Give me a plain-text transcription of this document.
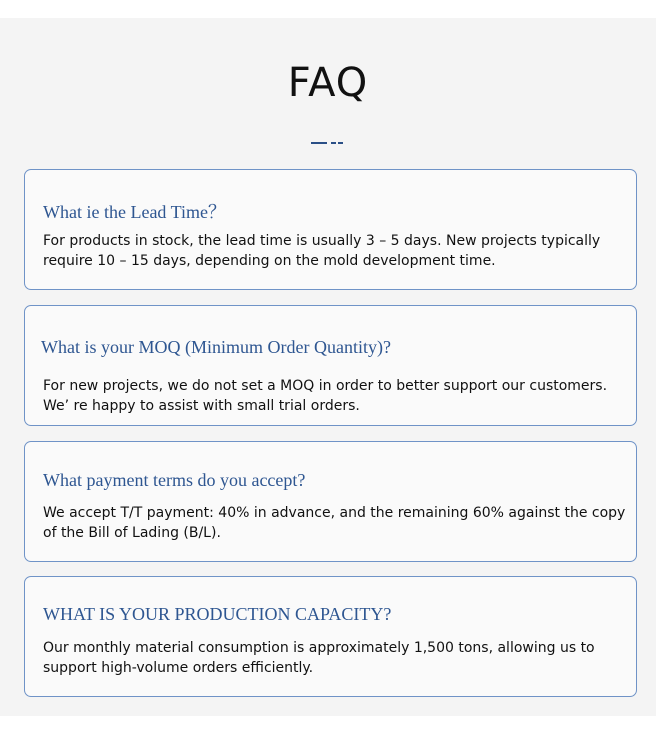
FAQ
What ie the Lead Time？
For products in stock, the lead time is usually 3 – 5 days. New projects typically require 10 – 15 days, depending on the mold development time.
What is your MOQ (Minimum Order Quantity)?
For new projects, we do not set a MOQ in order to better support our customers. We’ re happy to assist with small trial orders.
What payment terms do you accept?
We accept T/T payment: 40% in advance, and the remaining 60% against the copy of the Bill of Lading (B/L).
WHAT IS YOUR PRODUCTION CAPACITY?
Our monthly material consumption is approximately 1,500 tons, allowing us to support high-volume orders efficiently.
